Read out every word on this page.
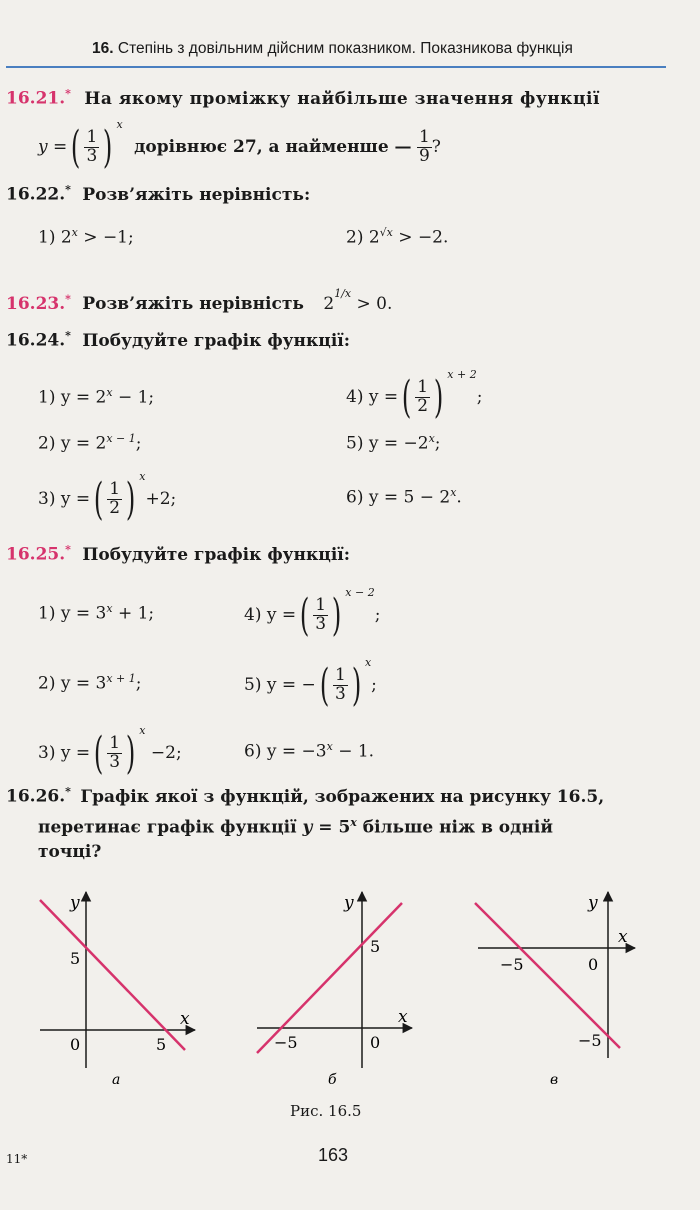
16. Степінь з довільним дійсним показником. Показникова функція
16.21.* На якому проміжку найбільше значення функції
y =( $\frac{1}{3}$ ) $^x$ дорівнює 27, а найменше — $\frac{1}{9}$ ?
16.22.* Розв’яжіть нерівність:
1) $2^x > -1$;	2) $2^{√x} > -2$.
16.23.* Розв’яжіть нерівність $2^{1/x} > 0$.
16.24.* Побудуйте графік функції:
1) $y = 2^x - 1$;	4) y =( $\frac{1}{2}$ ) $^{x + 2}$;
2) $y = 2^{x - 1}$;	5) $y = -2^x$;
3) y =( $\frac{1}{2}$ ) $^x$+2;	6) $y = 5 - 2^x$.
16.25.* Побудуйте графік функції:
1) $y = 3^x + 1$;	4) y =( $\frac{1}{3}$ ) $^{x - 2}$;
2) $y = 3^{x + 1}$;	5) y = −( $\frac{1}{3}$ ) $^x$;
3) y =( $\frac{1}{3}$ ) $^x$ −2;	6) $y = -3^x - 1$.
16.26.* Графік якої з функцій, зображених на рисунку 16.5,
перетинає графік функції $y = 5^x$ більше ніж в одній
точці?
y
x
5
0	5
а
y
x
5
0
−5
б
y
x
0
−5
−5
в
Рис. 16.5
11*	163
